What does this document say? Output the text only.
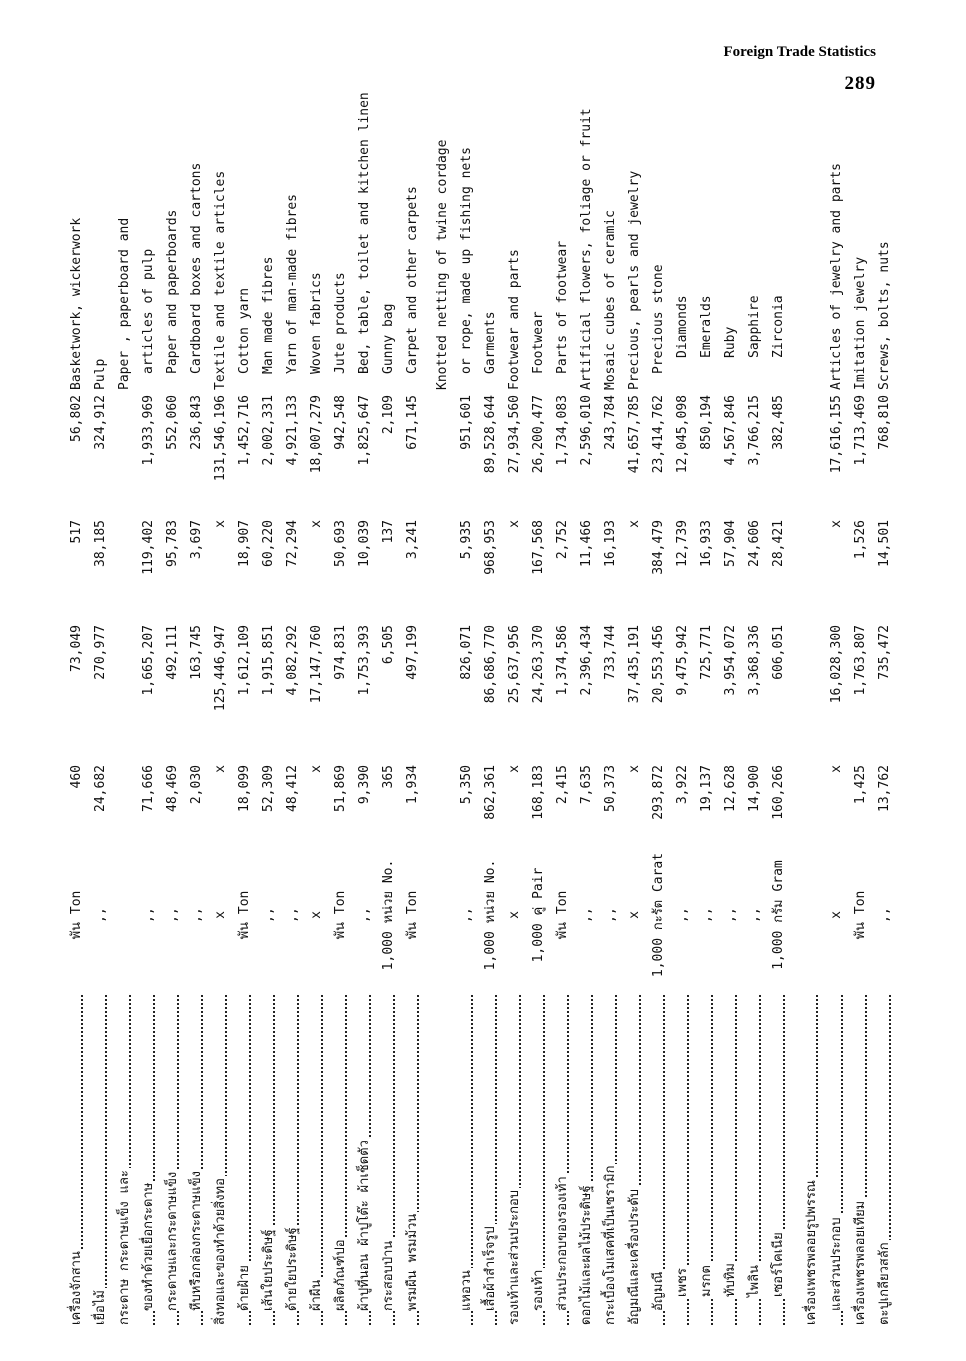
Foreign Trade Statistics
289
เครื่องจักสาน
พัน Ton
460
73,049
517
56,802
Basketwork, wickerwork
เยื่อไม้
,,
24,682
270,977
38,185
324,912
Pulp
กระดาษ กระดาษแข็ง และ
Paper , paperboard and
ของทำด้วยเยื่อกระดาษ
,,
71,666
1,665,207
119,402
1,933,969
articles of pulp
กระดาษและกระดาษแข็ง
,,
48,469
492,111
95,783
552,060
Paper and paperboards
หีบหรือกล่องกระดาษแข็ง
,,
2,030
163,745
3,697
236,843
Cardboard boxes and cartons
สิ่งทอและของทำด้วยสิ่งทอ
x
x
125,446,947
x
131,546,196
Textile and textile articles
ด้ายฝ้าย
พัน Ton
18,099
1,612,109
18,907
1,452,716
Cotton yarn
เส้นใยประดิษฐ์
,,
52,309
1,915,851
60,220
2,002,331
Man made fibres
ด้ายใยประดิษฐ์
,,
48,412
4,082,292
72,294
4,921,133
Yarn of man-made fibres
ผ้าผืน
x
x
17,147,760
x
18,007,279
Woven fabrics
ผลิตภัณฑ์ปอ
พัน Ton
51,869
974,831
50,693
942,548
Jute products
ผ้าปูที่นอน ผ้าปูโต๊ะ ผ้าเช็ดตัว
,,
9,390
1,753,393
10,039
1,825,647
Bed, table, toilet and kitchen linen
กระสอบป่าน
1,000 หน่วย No.
365
6,505
137
2,109
Gunny bag
พรมผืน พรมม้วน
พัน Ton
1,934
497,199
3,241
671,145
Carpet and other carpets	Knotted netting of twine cordage
แหอวน
,,
5,350
826,071
5,935
951,601
or rope, made up fishing nets
เสื้อผ้าสำเร็จรูป
1,000 หน่วย No.
862,361
86,686,770
968,953
89,528,644
Garments
รองเท้าและส่วนประกอบ
x
x
25,637,956
x
27,934,560
Footwear and parts
รองเท้า
1,000 คู่ Pair
168,183
24,263,370
167,568
26,200,477
Footwear
ส่วนประกอบของรองเท้า
พัน Ton
2,415
1,374,586
2,752
1,734,083
Parts of footwear
ดอกไม้และผลไม้ประดิษฐ์
,,
7,635
2,396,434
11,466
2,596,010
Artificial flowers, foliage or fruit
กระเบื้องโมเสคที่เป็นเซรามิก
,,
50,373
733,744
16,193
243,784
Mosaic cubes of ceramic
อัญมณีและเครื่องประดับ
x
x
37,435,191
x
41,657,785
Precious, pearls and jewelry
อัญมณี
1,000 กะรัต Carat
293,872
20,553,456
384,479
23,414,762
Precious stone
เพชร
,,
3,922
9,475,942
12,739
12,045,098
Diamonds
มรกต
,,
19,137
725,771
16,933
850,194
Emeralds
ทับทิม
,,
12,628
3,954,072
57,904
4,567,846
Ruby
ไพลิน
,,
14,900
3,368,336
24,606
3,766,215
Sapphire
เซอร์โคเนีย
1,000 กรัม Gram
160,266
606,051
28,421
382,485
Zirconia
เครื่องเพชรพลอยรูปพรรณ และส่วนประกอบ
x
x
16,028,300
x
17,616,155
Articles of jewelry and parts
เครื่องเพชรพลอยเทียม
พัน Ton
1,425
1,763,807
1,526
1,713,469
Imitation jewelry
ตะปูเกลียวสลัก
,,
13,762
735,472
14,501
768,810
Screws, bolts, nuts
